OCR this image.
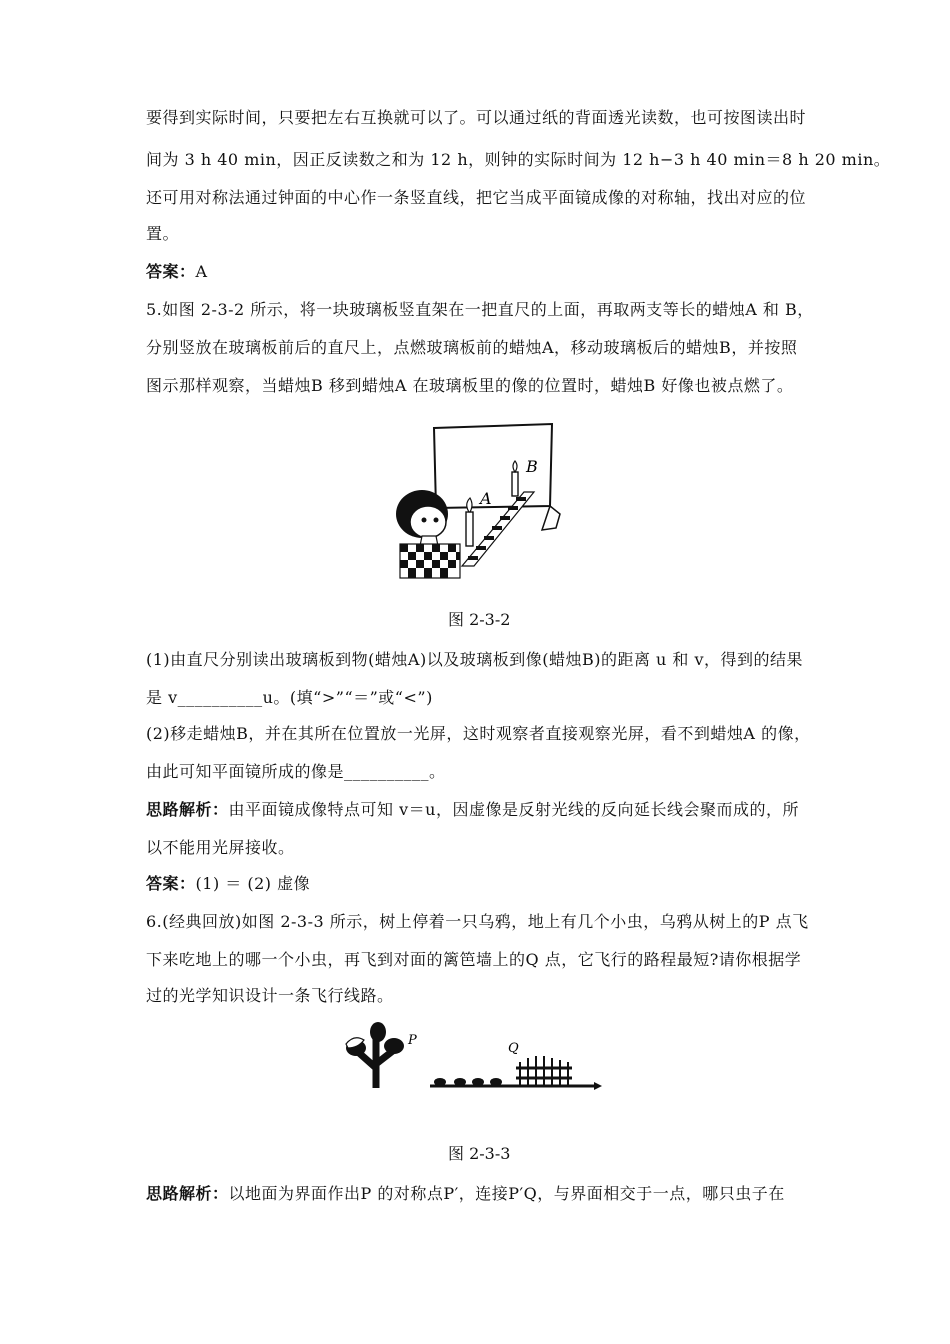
要得到实际时间，只要把左右互换就可以了。可以通过纸的背面透光读数，也可按图读出时
间为 3 h 40 min，因正反读数之和为 12 h，则钟的实际时间为 12 h−3 h 40 min＝8 h 20 min。
还可用对称法通过钟面的中心作一条竖直线，把它当成平面镜成像的对称轴，找出对应的位
置。
答案：A
5.如图 2-3-2 所示，将一块玻璃板竖直架在一把直尺的上面，再取两支等长的蜡烛A 和 B，
分别竖放在玻璃板前后的直尺上，点燃玻璃板前的蜡烛A，移动玻璃板后的蜡烛B，并按照
图示那样观察，当蜡烛B 移到蜡烛A 在玻璃板里的像的位置时，蜡烛B 好像也被点燃了。
A
B
图 2-3-2
(1)由直尺分别读出玻璃板到物(蜡烛A)以及玻璃板到像(蜡烛B)的距离 u 和 v，得到的结果
是 v__________u。(填“>”“＝”或“<”)
(2)移走蜡烛B，并在其所在位置放一光屏，这时观察者直接观察光屏，看不到蜡烛A 的像，
由此可知平面镜所成的像是__________。
思路解析：由平面镜成像特点可知 v＝u，因虚像是反射光线的反向延长线会聚而成的，所
以不能用光屏接收。
答案：(1) ＝ (2) 虚像
6.(经典回放)如图 2-3-3 所示，树上停着一只乌鸦，地上有几个小虫，乌鸦从树上的P 点飞
下来吃地上的哪一个小虫，再飞到对面的篱笆墙上的Q 点，它飞行的路程最短?请你根据学
过的光学知识设计一条飞行线路。
P
Q
图 2-3-3
思路解析：以地面为界面作出P 的对称点P′，连接P′Q，与界面相交于一点，哪只虫子在
